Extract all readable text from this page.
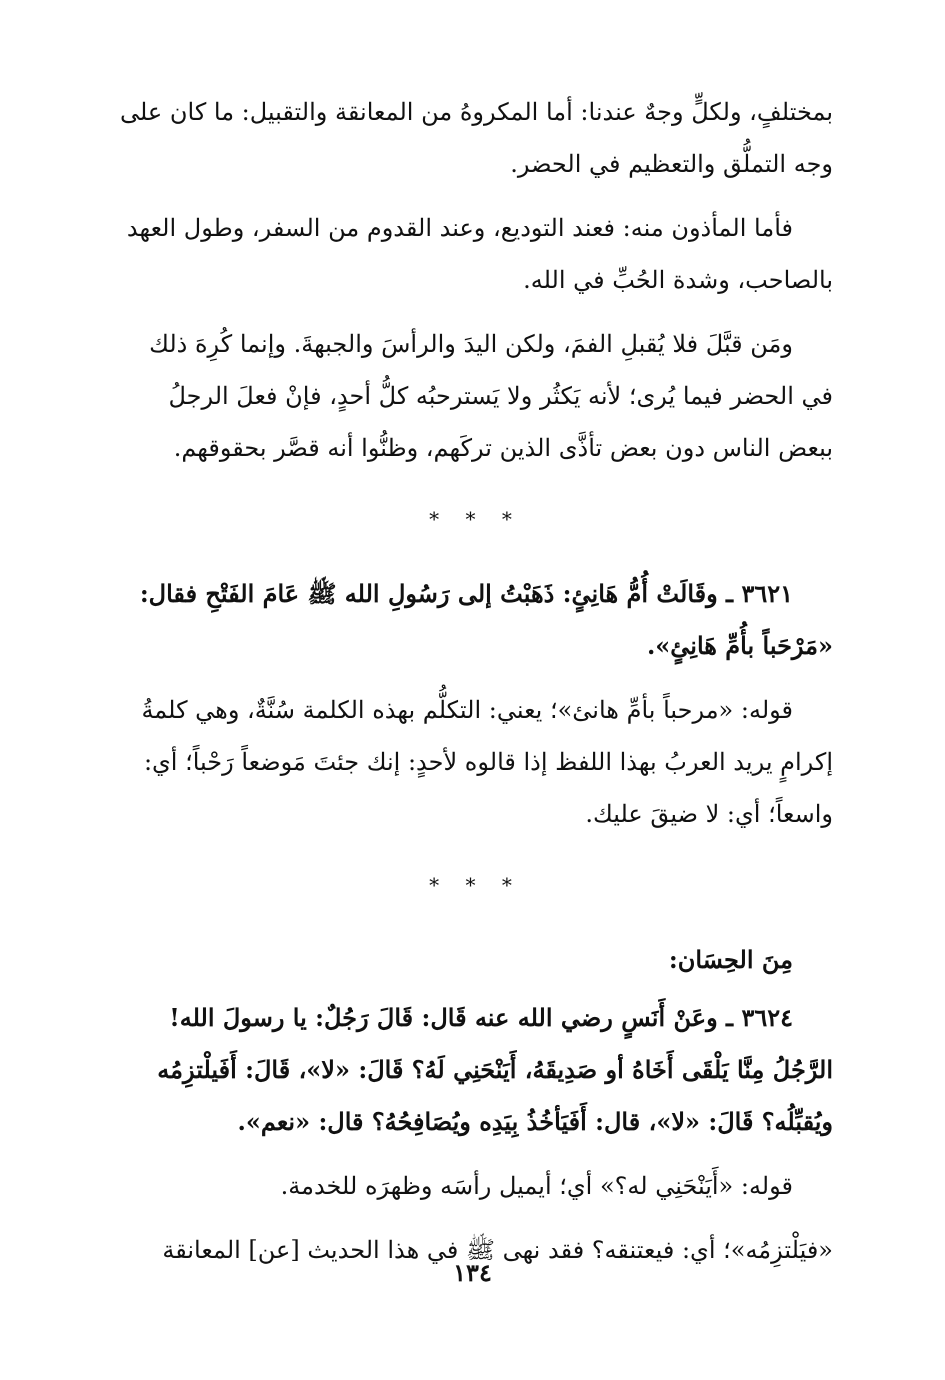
بمختلفٍ، ولكلٍّ وجهٌ عندنا: أما المكروهُ من المعانقة والتقبيل: ما كان على وجه التملُّق والتعظيم في الحضر.

فأما المأذون منه: فعند التوديع، وعند القدوم من السفر، وطول العهد بالصاحب، وشدة الحُبِّ في الله.

ومَن قبَّلَ فلا يُقبلِ الفمَ، ولكن اليدَ والرأسَ والجبهةَ. وإنما كُرِهَ ذلك في الحضر فيما يُرى؛ لأنه يَكثُر ولا يَسترحبُه كلُّ أحدٍ، فإنْ فعلَ الرجلُ ببعض الناس دون بعض تأذَّى الذين تركَهم، وظنُّوا أنه قصَّر بحقوقهم.

* * *

٣٦٢١ ـ وقَالَتْ أُمُّ هَانِئٍ: ذَهَبْتُ إلى رَسُولِ الله ﷺ عَامَ الفَتْحِ فقال: «مَرْحَباً بأُمِّ هَانِئٍ».

قوله: «مرحباً بأمِّ هانئ»؛ يعني: التكلُّم بهذه الكلمة سُنَّةٌ، وهي كلمةُ إكرامٍ يريد العربُ بهذا اللفظ إذا قالوه لأحدٍ: إنك جئتَ مَوضعاً رَحْباً؛ أي: واسعاً؛ أي: لا ضيقَ عليك.

* * *

مِنَ الحِسَان:

٣٦٢٤ ـ وعَنْ أَنَسٍ رضي الله عنه قَال: قَالَ رَجُلٌ: يا رسولَ الله! الرَّجُلُ مِنَّا يَلْقَى أَخَاهُ أو صَدِيقَهُ، أَيَنْحَنِي لَهُ؟ قَالَ: «لا»، قَالَ: أَفَيلْتزِمُه ويُقبِّلُه؟ قَالَ: «لا»، قال: أَفَيَأخُذُ بِيَدِه ويُصَافِحُهُ؟ قال: «نعم».

قوله: «أَيَنْحَنِي له؟» أي؛ أيميل رأسَه وظهرَه للخدمة.

«فيَلْتزِمُه»؛ أي: فيعتنقه؟ فقد نهى ﷺ في هذا الحديث [عن] المعانقة

١٣٤
